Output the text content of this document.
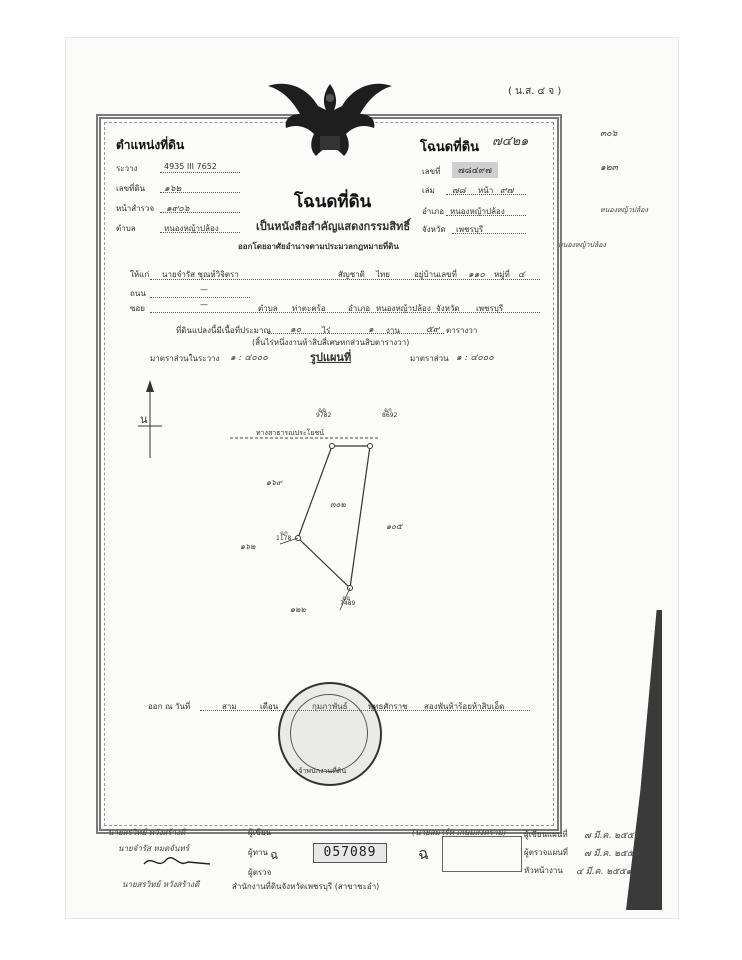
( น.ส. ๔ จ )
๓๐๖
๑๒๓
หนองหญ้าปล้อง
หนองหญ้าปล้อง
ตำแหน่งที่ดิน	โฉนดที่ดิน ๗๔๒๑
ระวาง	4935 III 7652
เลขที่ดิน ๑๖๒
หน้าสำรวจ ๑๙๐๖
ตำบล	หนองหญ้าปล้อง
เลขที่	๗๘๔๙๗
เล่ม ๗๘ หน้า ๙๗
อำเภอ หนองหญ้าปล้อง
จังหวัด เพชรบุรี
โฉนดที่ดิน
เป็นหนังสือสำคัญแสดงกรรมสิทธิ์
ออกโดยอาศัยอำนาจตามประมวลกฎหมายที่ดิน
ให้แก่ นายจำรัส ชุณห์วิจิตรา	สัญชาติ ไทย	อยู่บ้านเลขที่ ๑๑๐ หมู่ที่ ๔
ถนน	—
ซอย	—	ตำบล ท่าตะคร้อ	อำเภอ หนองหญ้าปล้อง จังหวัด เพชรบุรี
ที่ดินแปลงนี้มีเนื้อที่ประมาณ ๑๐	ไร่	๑ งาน	๕๙ ตารางวา
(สิ้นไร่หนึ่งงานห้าสิบสี่เศษหกส่วนสิบตารางวา)
มาตราส่วนในระวาง ๑ : ๔๐๐๐	รูปแผนที่	มาตราส่วน ๑ : ๔๐๐๐
น
ทางสาธารณประโยชน์
ฉฉ
9782
ฉก
8692
ฉก
1178
ฉฉ
7489
๑๖๙
๓๐๒
๑๐๕
๑๒๒
๑๖๒
ออก ณ วันที่	สาม	เดือน	กุมภาพันธ์	พุทธศักราช สองพันห้าร้อยห้าสิบเอ็ด
เจ้าพนักงานที่ดิน
นายสรวิทย์ หวังสร้างดี
นายจำรัส หมดจันทร์
ผู้เขียน
ผู้ทาน
ผู้ตรวจ
นายสรวิทย์ หวังสร้างดี
ฉ	057089
(นายสมาร์ท เกษมสงคราม) ผู้เขียนแผนที่ ๗ มี.ค. ๒๕๕๑
ผู้ตรวจแผนที่ ๗ มี.ค. ๒๕๕๑
หัวหน้างาน ๔ มี.ค. ๒๕๕๑
ฉ
สำนักงานที่ดินจังหวัดเพชรบุรี (สาขาชะอำ)
